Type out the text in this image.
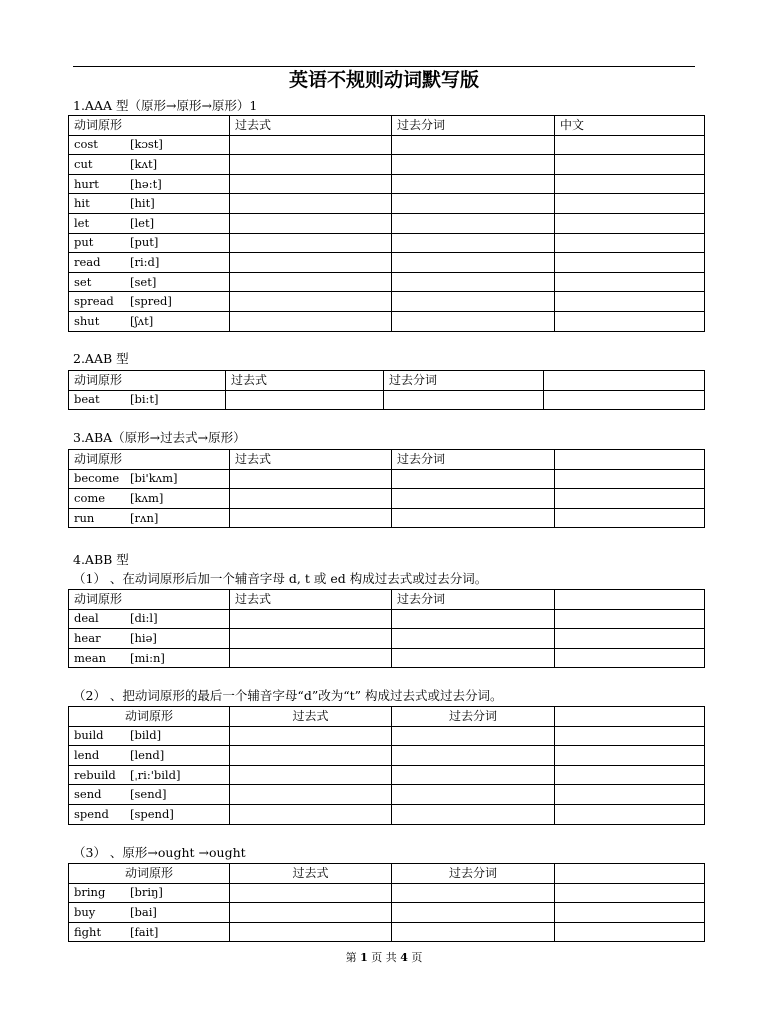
英语不规则动词默写版
1.AAA 型（原形→原形→原形）1
动词原形	过去式	过去分词	中文
cost [kɔst]			
cut [kʌt]			
hurt [hə:t]			
hit [hit]			
let [let]			
put [put]			
read [ri:d]			
set [set]			
spread [spred]			
shut [ʃʌt]			
2.AAB 型
动词原形	过去式	过去分词	
beat [bi:t]			
3.ABA（原形→过去式→原形）
动词原形	过去式	过去分词	
become [bi'kʌm]			
come [kʌm]			
run [rʌn]			
4.ABB 型
（1） 、在动词原形后加一个辅音字母 d, t 或 ed 构成过去式或过去分词。
动词原形	过去式	过去分词	
deal [di:l]			
hear [hiə]			
mean [mi:n]			
（2） 、把动词原形的最后一个辅音字母“d”改为“t” 构成过去式或过去分词。
动词原形	过去式	过去分词	
build [bild]			
lend [lend]			
rebuild [ˌri:'bild]			
send [send]			
spend [spend]			
（3） 、原形→ought →ought
动词原形	过去式	过去分词	
bring [briŋ]			
buy [bai]			
fight [fait]			
第 1 页 共 4 页
